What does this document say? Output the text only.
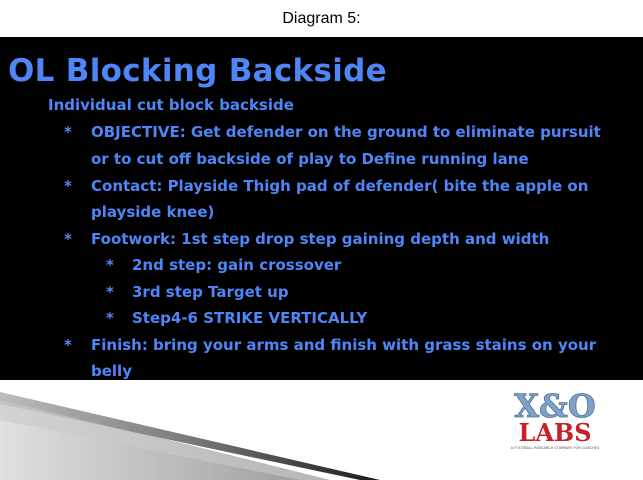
Diagram 5:
OL Blocking Backside
Individual cut block backside
* OBJECTIVE: Get defender on the ground to eliminate pursuit
or to cut off backside of play to Define running lane
* Contact: Playside Thigh pad of defender( bite the apple on
playside knee)
* Footwork: 1st step drop step gaining depth and width
* 2nd step: gain crossover
* 3rd step Target up
* Step4-6 STRIKE VERTICALLY
* Finish: bring your arms and finish with grass stains on your
belly
X&O
LABS
A FOOTBALL RESEARCH COMPANY FOR COACHES
